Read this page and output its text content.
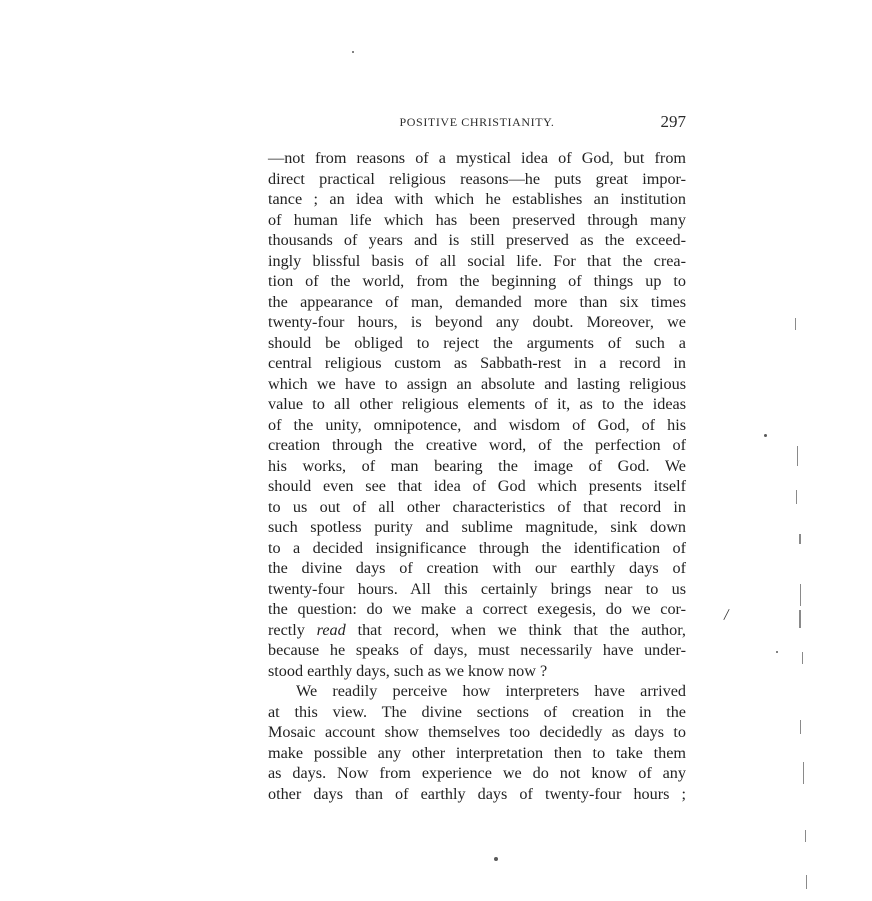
POSITIVE CHRISTIANITY.	297
—not from reasons of a mystical idea of God, but from
direct practical religious reasons—he puts great impor-
tance ; an idea with which he establishes an institution
of human life which has been preserved through many
thousands of years and is still preserved as the exceed-
ingly blissful basis of all social life. For that the crea-
tion of the world, from the beginning of things up to
the appearance of man, demanded more than six times
twenty-four hours, is beyond any doubt. Moreover, we
should be obliged to reject the arguments of such a
central religious custom as Sabbath-rest in a record in
which we have to assign an absolute and lasting religious
value to all other religious elements of it, as to the ideas
of the unity, omnipotence, and wisdom of God, of his
creation through the creative word, of the perfection of
his works, of man bearing the image of God. We
should even see that idea of God which presents itself
to us out of all other characteristics of that record in
such spotless purity and sublime magnitude, sink down
to a decided insignificance through the identification of
the divine days of creation with our earthly days of
twenty-four hours. All this certainly brings near to us
the question: do we make a correct exegesis, do we cor-
rectly read that record, when we think that the author,
because he speaks of days, must necessarily have under-
stood earthly days, such as we know now ?
We readily perceive how interpreters have arrived
at this view. The divine sections of creation in the
Mosaic account show themselves too decidedly as days to
make possible any other interpretation then to take them
as days. Now from experience we do not know of any
other days than of earthly days of twenty-four hours ;
/
